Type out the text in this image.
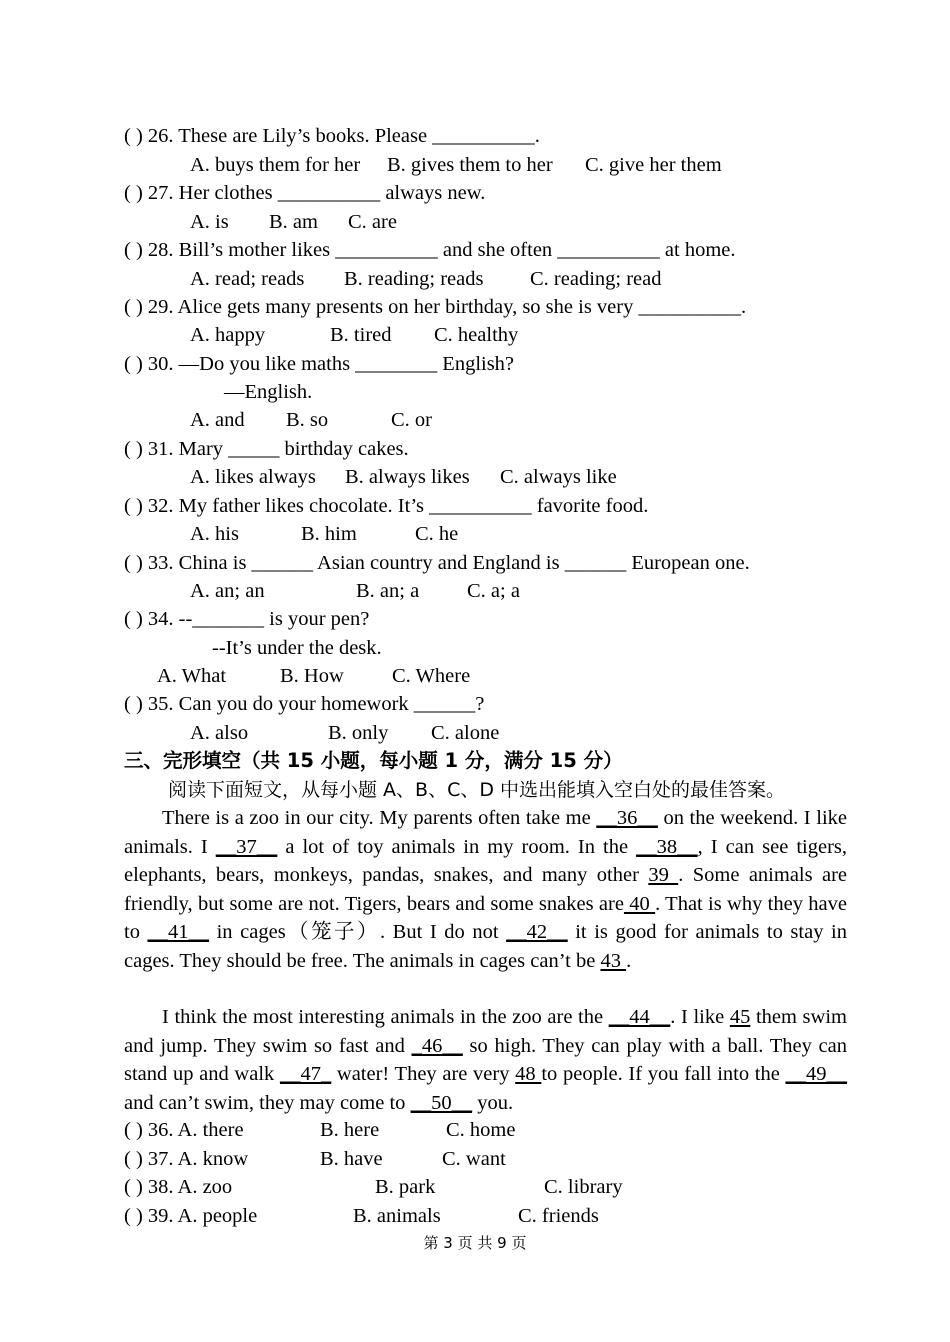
( ) 26. These are Lily’s books. Please __________.
A. buys them for her B. gives them to her C. give her them
( ) 27. Her clothes __________ always new.
A. is B. am C. are
( ) 28. Bill’s mother likes __________ and she often __________ at home.
A. read; reads B. reading; reads C. reading; read
( ) 29. Alice gets many presents on her birthday, so she is very __________.
A. happy	B. tired C. healthy
( ) 30. —Do you like maths ________ English?
—English.
A. and B. so	C. or
( ) 31. Mary _____ birthday cakes.
A. likes always B. always likes C. always like
( ) 32. My father likes chocolate. It’s __________ favorite food.
A. his	B. him	C. he
( ) 33. China is ______ Asian country and England is ______ European one.
A. an; an	B. an; a C. a; a
( ) 34. --_______ is your pen?
--It’s under the desk.
A. What	B. How C. Where
( ) 35. Can you do your homework ______?
A. also	B. only C. alone
三、完形填空（共 15 小题，每小题 1 分，满分 15 分）
阅读下面短文，从每小题 A、B、C、D 中选出能填入空白处的最佳答案。
There is a zoo in our city. My parents often take me __36__ on the weekend. I like animals. I __37__ a lot of toy animals in my room. In the __38__, I can see tigers, elephants, bears, monkeys, pandas, snakes, and many other 39 . Some animals are friendly, but some are not. Tigers, bears and some snakes are 40 . That is why they have to __41__ in cages（笼子）. But I do not __42__ it is good for animals to stay in cages. They should be free. The animals in cages can’t be 43 .
I think the most interesting animals in the zoo are the __44__. I like 45 them swim and jump. They swim so fast and _46__ so high. They can play with a ball. They can stand up and walk __47_ water! They are very 48 to people. If you fall into the __49__ and can’t swim, they may come to __50__ you.
( ) 36. A. there	B. here	C. home
( ) 37. A. know	B. have	C. want
( ) 38. A. zoo	B. park	C. library
( ) 39. A. people	B. animals	C. friends
第 3 页 共 9 页
